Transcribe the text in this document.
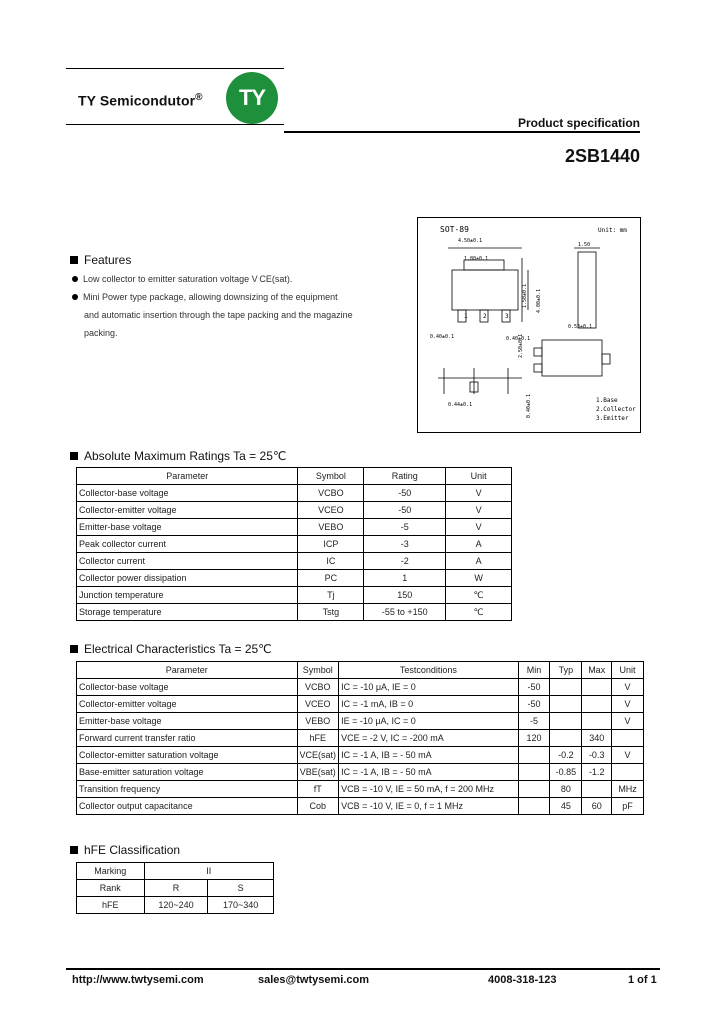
TY Semicondutor® TY
Product specification
2SB1440
SOT-89	Unit: mm
4.50±0.1
1.80±0.1
1.50
0.40±0.1	0.40±0.1
0.53±0.1
0.44±0.1
1.50±0.1 4.00±0.1
2.50±0.1
0.40±0.1
1	2	3
1.Base
2.Collector
3.Emitter
Features
Low collector to emitter saturation voltage V CE(sat).
Mini Power type package, allowing downsizing of the equipment
and automatic insertion through the tape packing and the magazine
packing.
Absolute Maximum Ratings Ta = 25℃
Parameter	Symbol	Rating	Unit
Collector-base voltage	VCBO	-50	V
Collector-emitter voltage	VCEO	-50	V
Emitter-base voltage	VEBO	-5	V
Peak collector current	ICP	-3	A
Collector current	IC	-2	A
Collector power dissipation	PC	1	W
Junction temperature	Tj	150	℃
Storage temperature	Tstg	-55 to +150	℃
Electrical Characteristics Ta = 25℃
Parameter	Symbol	Testconditions	Min	Typ	Max	Unit
Collector-base voltage	VCBO	IC = -10 μA, IE = 0	-50			V
Collector-emitter voltage	VCEO	IC = -1 mA, IB = 0	-50			V
Emitter-base voltage	VEBO	IE = -10 μA, IC = 0	-5			V
Forward current transfer ratio	hFE	VCE = -2 V, IC = -200 mA	120		340	
Collector-emitter saturation voltage	VCE(sat)	IC = -1 A, IB = - 50 mA		-0.2	-0.3	V
Base-emitter saturation voltage	VBE(sat)	IC = -1 A, IB = - 50 mA		-0.85	-1.2	
Transition frequency	fT	VCB = -10 V, IE = 50 mA, f = 200 MHz		80		MHz
Collector output capacitance	Cob	VCB = -10 V, IE = 0, f = 1 MHz		45	60	pF
hFE Classification
Marking	II	
Rank	R	S
hFE	120~240	170~340
http://www.twtysemi.com	sales@twtysemi.com	4008-318-123	1 of 1
